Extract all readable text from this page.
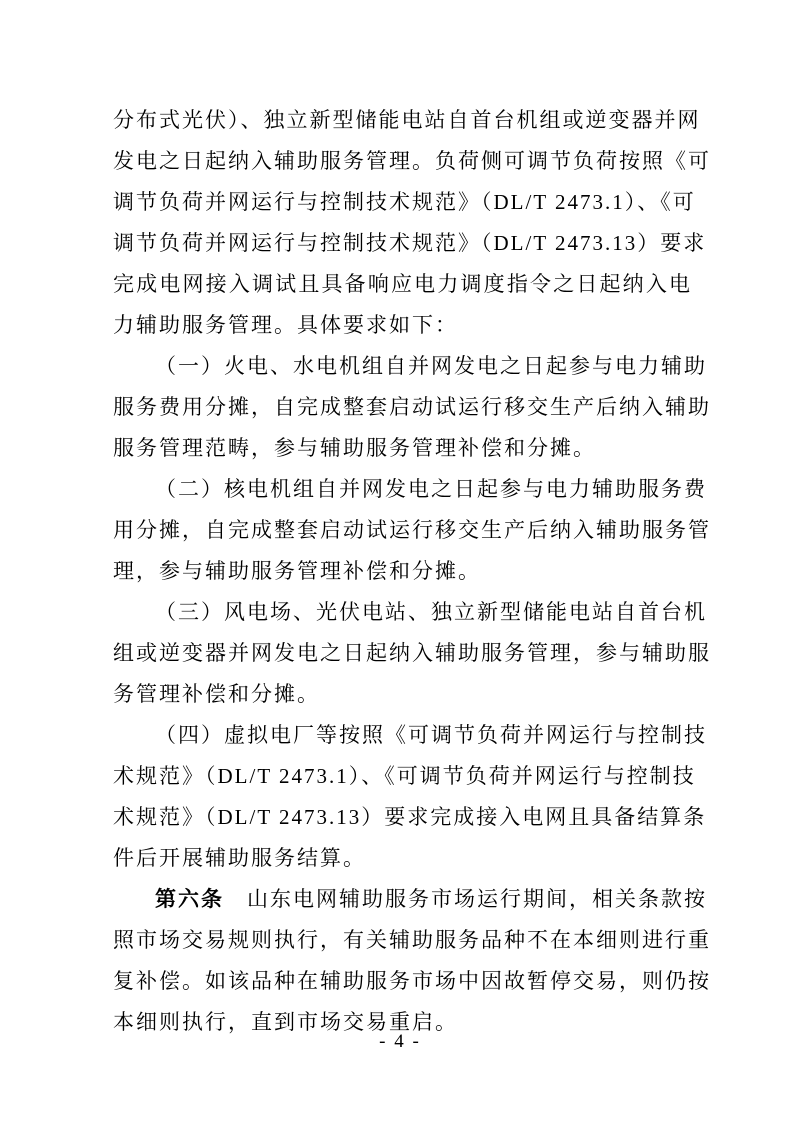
分布式光伏）、独立新型储能电站自首台机组或逆变器并网
发电之日起纳入辅助服务管理。负荷侧可调节负荷按照《可
调节负荷并网运行与控制技术规范》（DL/T 2473.1）、《可
调节负荷并网运行与控制技术规范》（DL/T 2473.13）要求
完成电网接入调试且具备响应电力调度指令之日起纳入电
力辅助服务管理。具体要求如下：
（一）火电、水电机组自并网发电之日起参与电力辅助
服务费用分摊，自完成整套启动试运行移交生产后纳入辅助
服务管理范畴，参与辅助服务管理补偿和分摊。
（二）核电机组自并网发电之日起参与电力辅助服务费
用分摊，自完成整套启动试运行移交生产后纳入辅助服务管
理，参与辅助服务管理补偿和分摊。
（三）风电场、光伏电站、独立新型储能电站自首台机
组或逆变器并网发电之日起纳入辅助服务管理，参与辅助服
务管理补偿和分摊。
（四）虚拟电厂等按照《可调节负荷并网运行与控制技
术规范》（DL/T 2473.1）、《可调节负荷并网运行与控制技
术规范》（DL/T 2473.13）要求完成接入电网且具备结算条
件后开展辅助服务结算。
第六条　山东电网辅助服务市场运行期间，相关条款按
照市场交易规则执行，有关辅助服务品种不在本细则进行重
复补偿。如该品种在辅助服务市场中因故暂停交易，则仍按
本细则执行，直到市场交易重启。
- 4 -
